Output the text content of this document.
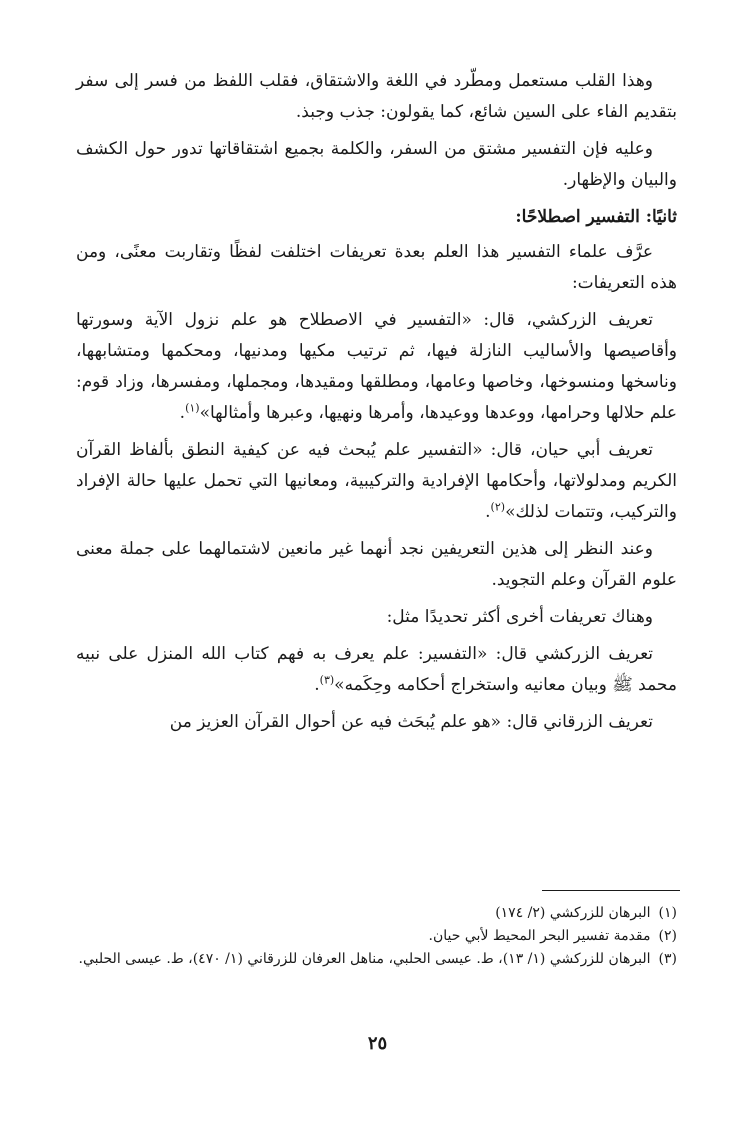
وهذا القلب مستعمل ومطّرد في اللغة والاشتقاق، فقلب اللفظ من فسر إلى سفر بتقديم الفاء على السين شائع، كما يقولون: جذب وجبذ.

وعليه فإن التفسير مشتق من السفر، والكلمة بجميع اشتقاقاتها تدور حول الكشف والبيان والإظهار.

ثانيًا: التفسير اصطلاحًا:

عرَّف علماء التفسير هذا العلم بعدة تعريفات اختلفت لفظًا وتقاربت معنًى، ومن هذه التعريفات:

تعريف الزركشي، قال: «التفسير في الاصطلاح هو علم نزول الآية وسورتها وأقاصيصها والأساليب النازلة فيها، ثم ترتيب مكيها ومدنيها، ومحكمها ومتشابهها، وناسخها ومنسوخها، وخاصها وعامها، ومطلقها ومقيدها، ومجملها، ومفسرها، وزاد قوم: علم حلالها وحرامها، ووعدها ووعيدها، وأمرها ونهيها، وعبرها وأمثالها»$^{(١)}$.

تعريف أبي حيان، قال: «التفسير علم يُبحث فيه عن كيفية النطق بألفاظ القرآن الكريم ومدلولاتها، وأحكامها الإفرادية والتركيبية، ومعانيها التي تحمل عليها حالة الإفراد والتركيب، وتتمات لذلك»$^{(٢)}$.

وعند النظر إلى هذين التعريفين نجد أنهما غير مانعين لاشتمالهما على جملة معنى علوم القرآن وعلم التجويد.

وهناك تعريفات أخرى أكثر تحديدًا مثل:

تعريف الزركشي قال: «التفسير: علم يعرف به فهم كتاب الله المنزل على نبيه محمد ﷺ وبيان معانيه واستخراج أحكامه وحِكَمه»$^{(٣)}$.

تعريف الزرقاني قال: «هو علم يُبحَث فيه عن أحوال القرآن العزيز من

(١)
البرهان للزركشي (٢/ ١٧٤)
(٢)
مقدمة تفسير البحر المحيط لأبي حيان.
(٣)
البرهان للزركشي (١/ ١٣)، ط. عيسى الحلبي، مناهل العرفان للزرقاني (١/ ٤٧٠)، ط. عيسى الحلبي.
٢٥
